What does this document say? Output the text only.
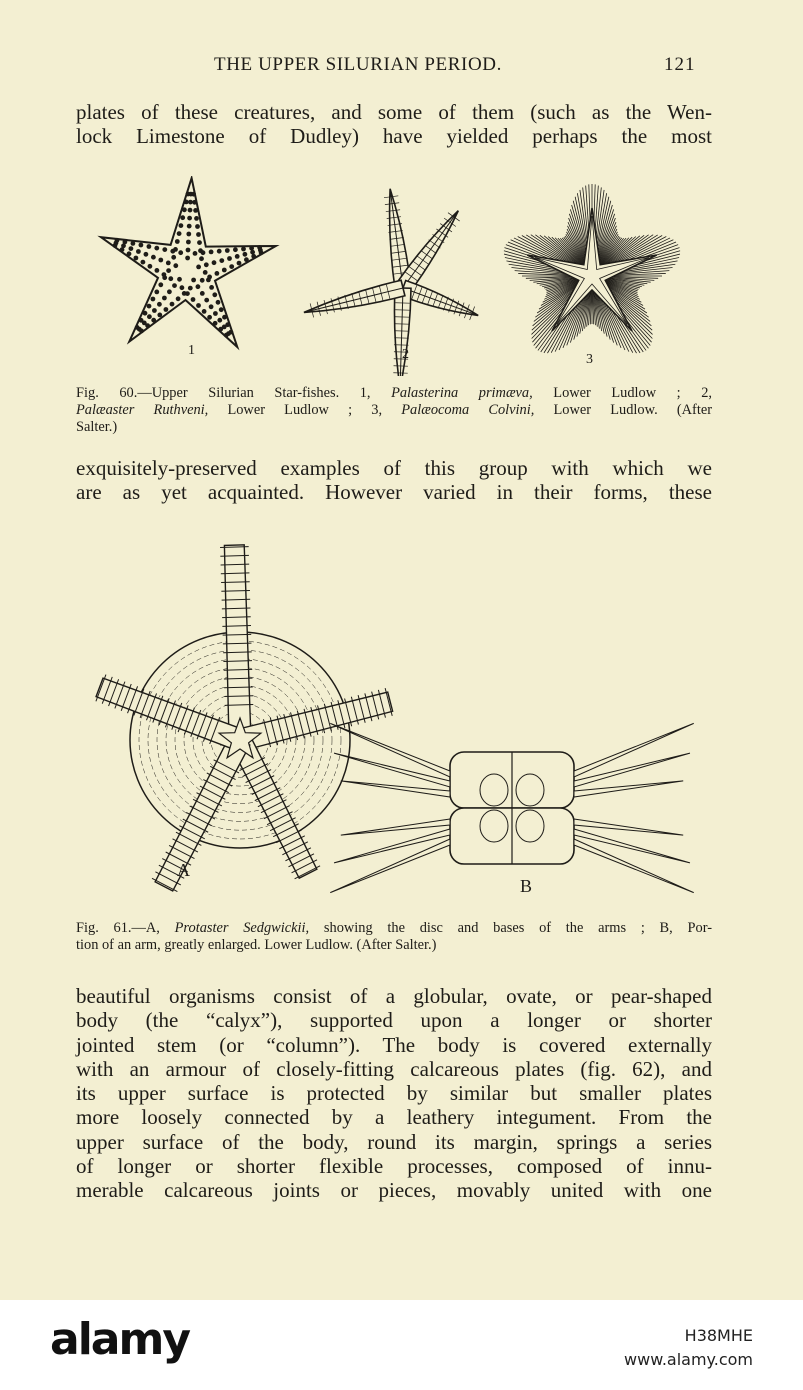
THE UPPER SILURIAN PERIOD.	121
plates of these creatures, and some of them (such as the Wen-
lock Limestone of Dudley) have yielded perhaps the most
1	2	3
Fig. 60.—Upper Silurian Star-fishes. 1, Palasterina primæva, Lower Ludlow ; 2,
Palæaster Ruthveni, Lower Ludlow ; 3, Palæocoma Colvini, Lower Ludlow. (After
Salter.)
exquisitely-preserved examples of this group with which we
are as yet acquainted. However varied in their forms, these
A
B
Fig. 61.—A, Protaster Sedgwickii, showing the disc and bases of the arms ; B, Por-
tion of an arm, greatly enlarged. Lower Ludlow. (After Salter.)
beautiful organisms consist of a globular, ovate, or pear-shaped
body (the “calyx”), supported upon a longer or shorter
jointed stem (or “column”). The body is covered externally
with an armour of closely-fitting calcareous plates (fig. 62), and
its upper surface is protected by similar but smaller plates
more loosely connected by a leathery integument. From the
upper surface of the body, round its margin, springs a series
of longer or shorter flexible processes, composed of innu-
merable calcareous joints or pieces, movably united with one
alamy	H38MHE
www.alamy.com
